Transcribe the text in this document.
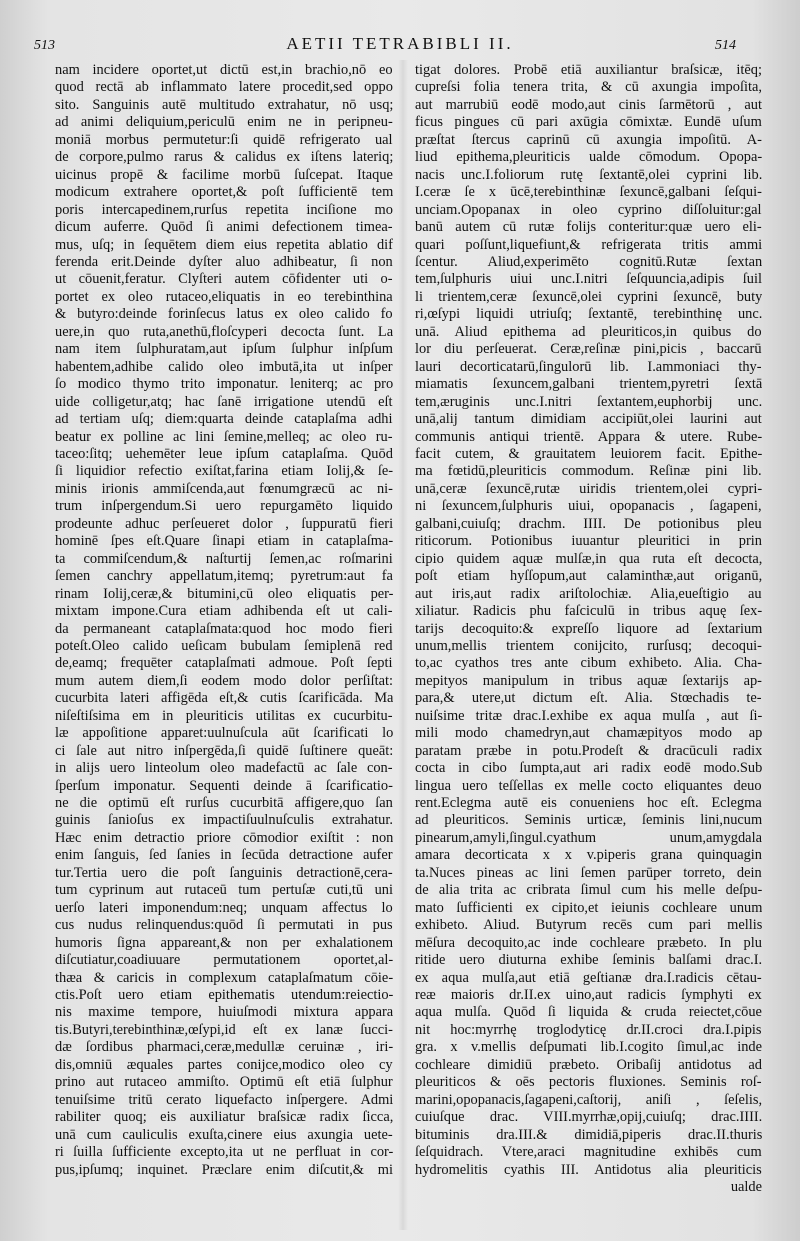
513	AETII TETRABIBLI II.	514

nam incidere oportet,ut dictū est,in brachio,nō eo

quod rectā ab inflammato latere procedit,sed oppo

sito. Sanguinis autē multitudo extrahatur, nō usq;

ad animi deliquium,periculū enim ne in peripneu-

moniā morbus permutetur:ſi quidē refrigerato ual

de corpore,pulmo rarus & calidus ex iſtens lateriq;

uicinus propē & facilime morbū ſuſcepat. Itaque

modicum extrahere oportet,& poſt ſufficientē tem

poris intercapedinem,rurſus repetita inciſione mo

dicum auferre. Quōd ſi animi defectionem timea-

mus, uſq; in ſequētem diem eius repetita ablatio dif

ferenda erit.Deinde dyſter aluo adhibeatur, ſi non

ut cōuenit,feratur. Clyſteri autem cōfidenter uti o-

portet ex oleo rutaceo,eliquatis in eo terebinthina

& butyro:deinde forinſecus latus ex oleo calido fo

uere,in quo ruta,anethū,floſcyperi decocta ſunt. La

nam item ſulphuratam,aut ipſum ſulphur inſpſum

habentem,adhibe calido oleo imbutā,ita ut inſper

ſo modico thymo trito imponatur. leniterq; ac pro

uide colligetur,atq; hac ſanē irrigatione utendū eſt

ad tertiam uſq; diem:quarta deinde cataplaſma adhi

beatur ex polline ac lini ſemine,melleq; ac oleo ru-

taceo:ſitq; uehemēter leue ipſum cataplaſma. Quōd

ſi liquidior refectio exiſtat,farina etiam Iolij,& ſe-

minis irionis ammiſcenda,aut fœnumgræcū ac ni-

trum inſpergendum.Si uero repurgamēto liquido

prodeunte adhuc perſeueret dolor , ſuppuratū fieri

hominē ſpes eſt.Quare ſinapi etiam in cataplaſma-

ta commiſcendum,& naſturtij ſemen,ac roſmarini

ſemen canchry appellatum,itemq; pyretrum:aut fa

rinam Iolij,ceræ,& bitumini,cū oleo eliquatis per-

mixtam impone.Cura etiam adhibenda eſt ut cali-

da permaneant cataplaſmata:quod hoc modo fieri

poteſt.Oleo calido ueſicam bubulam ſemiplenā red

de,eamq; frequēter cataplaſmati admoue. Poſt ſepti

mum autem diem,ſi eodem modo dolor perſiſtat:

cucurbita lateri affigēda eſt,& cutis ſcarificāda. Ma

niſeſtiſsima em in pleuriticis utilitas ex cucurbitu-

læ appoſitione apparet:uulnuſcula aūt ſcarificati lo

ci ſale aut nitro inſpergēda,ſi quidē ſuſtinere queāt:

in alijs uero linteolum oleo madefactū ac ſale con-

ſperſum imponatur. Sequenti deinde ā ſcarificatio-

ne die optimū eſt rurſus cucurbitā affigere,quo ſan

guinis ſanioſus ex impactiſuulnuſculis extrahatur.

Hæc enim detractio priore cōmodior exiſtit : non

enim ſanguis, ſed ſanies in ſecūda detractione aufer

tur.Tertia uero die poſt ſanguinis detractionē,cera-

tum cyprinum aut rutaceū tum pertuſæ cuti,tū uni

uerſo lateri imponendum:neq; unquam affectus lo

cus nudus relinquendus:quōd ſi permutati in pus

humoris ſigna appareant,& non per exhalationem

diſcutiatur,coadiuuare permutationem oportet,al-

thæa & caricis in complexum cataplaſmatum cōie-

ctis.Poſt uero etiam epithematis utendum:reiectio-

nis maxime tempore, huiuſmodi mixtura appara

tis.Butyri,terebinthinæ,œſypi,id eſt ex lanæ ſucci-

dæ ſordibus pharmaci,ceræ,medullæ ceruinæ , iri-

dis,omniū æquales partes conijce,modico oleo cy

prino aut rutaceo ammiſto. Optimū eſt etiā ſulphur

tenuiſsime tritū cerato liquefacto inſpergere. Admi

rabiliter quoq; eis auxiliatur braſsicæ radix ſicca,

unā cum cauliculis exuſta,cinere eius axungia uete-

ri ſuilla ſufficiente excepto,ita ut ne perfluat in cor-

pus,ipſumq; inquinet. Præclare enim diſcutit,& mi

tigat dolores. Probē etiā auxiliantur braſsicæ, itēq;

cupreſsi folia tenera trita, & cū axungia impoſita,

aut marrubiū eodē modo,aut cinis ſarmētorū , aut

ficus pingues cū pari axūgia cōmixtæ. Eundē uſum

præſtat ſtercus caprinū cū axungia impoſitū. A-

liud epithema,pleuriticis ualde cōmodum. Opopa-

nacis unc.I.foliorum rutę ſextantē,olei cyprini lib.

I.ceræ ſe x ūcē,terebinthinæ ſexuncē,galbani ſeſqui-

unciam.Opopanax in oleo cyprino diſſoluitur:gal

banū autem cū rutæ folijs conteritur:quæ uero eli-

quari poſſunt,liquefiunt,& refrigerata tritis ammi

ſcentur. Aliud,experimēto cognitū.Rutæ ſextan

tem,ſulphuris uiui unc.I.nitri ſeſquuncia,adipis ſuil

li trientem,ceræ ſexuncē,olei cyprini ſexuncē, buty

ri,œſypi liquidi utriuſq; ſextantē, terebinthinę unc.

unā. Aliud epithema ad pleuriticos,in quibus do

lor diu perſeuerat. Ceræ,reſinæ pini,picis , baccarū

lauri decorticatarū,ſingulorū lib. I.ammoniaci thy-

miamatis ſexuncem,galbani trientem,pyretri ſextā

tem,æruginis unc.I.nitri ſextantem,euphorbij unc.

unā,alij tantum dimidiam accipiūt,olei laurini aut

communis antiqui trientē. Appara & utere. Rube-

facit cutem, & grauitatem leuiorem facit. Epithe-

ma fœtidū,pleuriticis commodum. Reſinæ pini lib.

unā,ceræ ſexuncē,rutæ uiridis trientem,olei cypri-

ni ſexuncem,ſulphuris uiui, opopanacis , ſagapeni,

galbani,cuiuſq; drachm. IIII. De potionibus pleu

riticorum. Potionibus iuuantur pleuritici in prin

cipio quidem aquæ mulſæ,in qua ruta eſt decocta,

poſt etiam hyſſopum,aut calaminthæ,aut origanū,

aut iris,aut radix ariſtolochiæ. Alia,eueſtigio au

xiliatur. Radicis phu faſciculū in tribus aquę ſex-

tarijs decoquito:& expreſſo liquore ad ſextarium

unum,mellis trientem conijcito, rurſusq; decoqui-

to,ac cyathos tres ante cibum exhibeto. Alia. Cha-

mepityos manipulum in tribus aquæ ſextarijs ap-

para,& utere,ut dictum eſt. Alia. Stœchadis te-

nuiſsime tritæ drac.I.exhibe ex aqua mulſa , aut ſi-

mili modo chamedryn,aut chamæpityos modo ap

paratam præbe in potu.Prodeſt & dracūculi radix

cocta in cibo ſumpta,aut ari radix eodē modo.Sub

lingua uero teſſellas ex melle cocto eliquantes deuo

rent.Eclegma autē eis conueniens hoc eſt. Eclegma

ad pleuriticos. Seminis urticæ, ſeminis lini,nucum

pinearum,amyli,ſingul.cyathum unum,amygdala

amara decorticata x x v.piperis grana quinquagin

ta.Nuces pineas ac lini ſemen parūper torreto, dein

de alia trita ac cribrata ſimul cum his melle deſpu-

mato ſufficienti ex cipito,et ieiunis cochleare unum

exhibeto. Aliud. Butyrum recēs cum pari mellis

mēſura decoquito,ac inde cochleare præbeto. In plu

ritide uero diuturna exhibe ſeminis balſami drac.I.

ex aqua mulſa,aut etiā geſtianæ dra.I.radicis cētau-

reæ maioris dr.II.ex uino,aut radicis ſymphyti ex

aqua mulſa. Quōd ſi liquida & cruda reiectet,cōue

nit hoc:myrrhę troglodyticę dr.II.croci dra.I.pipis

gra. x v.mellis deſpumati lib.I.cogito ſimul,ac inde

cochleare dimidiū præbeto. Oribaſij antidotus ad

pleuriticos & oēs pectoris fluxiones. Seminis roſ-

marini,opopanacis,ſagapeni,caſtorij, aniſi , ſeſelis,

cuiuſque drac. VIII.myrrhæ,opij,cuiuſq; drac.IIII.

bituminis dra.III.& dimidiā,piperis drac.II.thuris

ſeſquidrach. Vtere,araci magnitudine exhibēs cum

hydromelitis cyathis III. Antidotus alia pleuriticis

ualde
